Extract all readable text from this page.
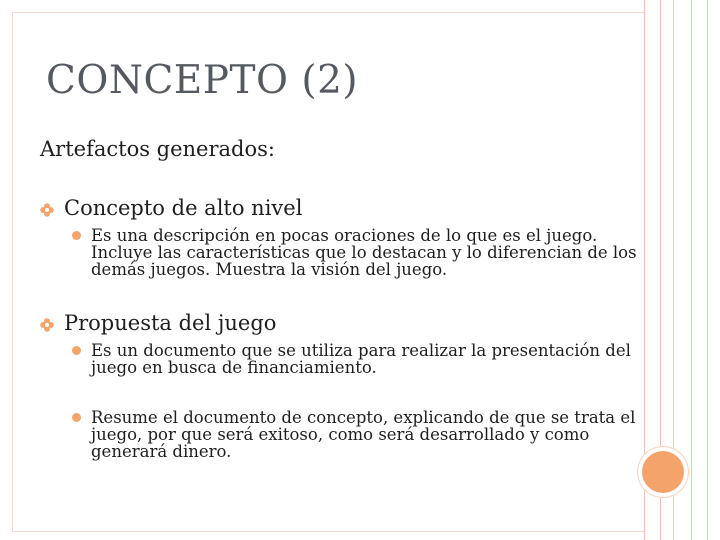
CONCEPTO (2)
Artefactos generados:
Concepto de alto nivel
Es una descripción en pocas oraciones de lo que es el juego. Incluye las características que lo destacan y lo diferencian de los demás juegos. Muestra la visión del juego.
Propuesta del juego
Es un documento que se utiliza para realizar la presentación del juego en busca de financiamiento.
Resume el documento de concepto, explicando de que se trata el juego, por que será exitoso, como será desarrollado y como generará dinero.
